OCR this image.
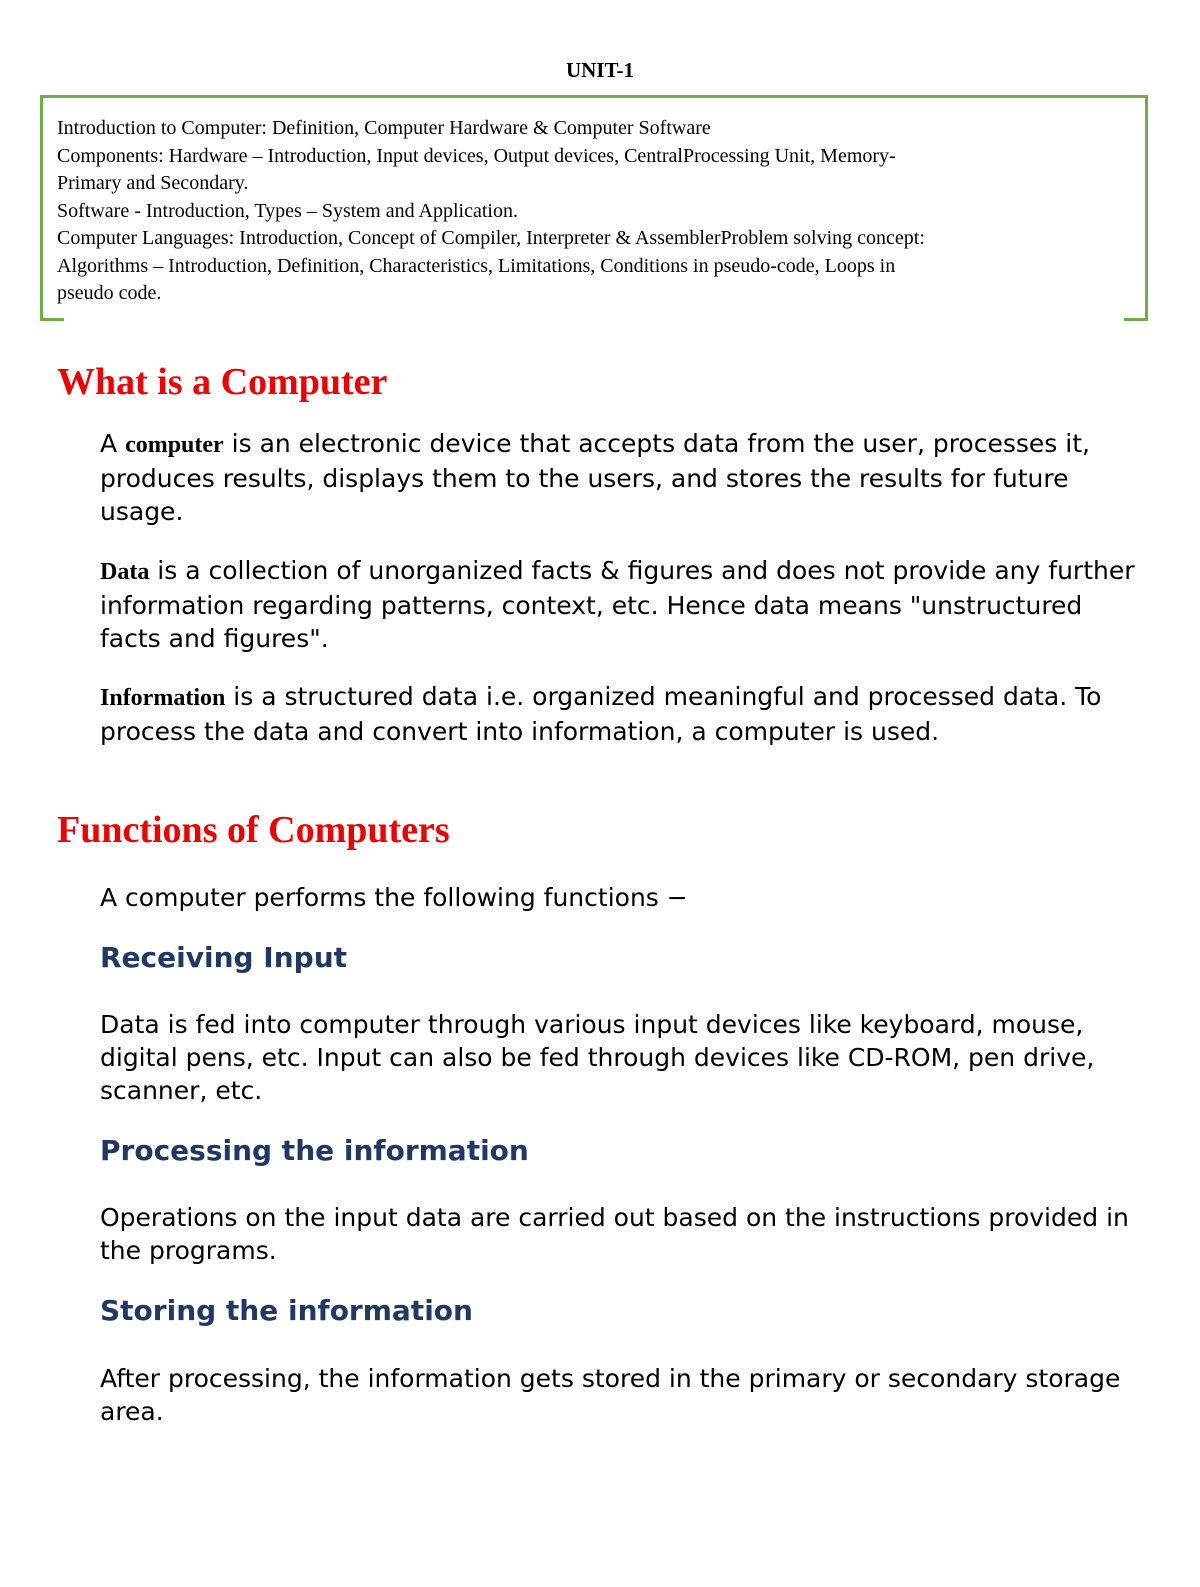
UNIT-1
Introduction to Computer: Definition, Computer Hardware & Computer Software
Components: Hardware – Introduction, Input devices, Output devices, CentralProcessing Unit, Memory-
Primary and Secondary.
Software - Introduction, Types – System and Application.
Computer Languages: Introduction, Concept of Compiler, Interpreter & AssemblerProblem solving concept:
Algorithms – Introduction, Definition, Characteristics, Limitations, Conditions in pseudo-code, Loops in
pseudo code.
What is a Computer

A computer is an electronic device that accepts data from the user, processes it, produces results, displays them to the users, and stores the results for future usage.

Data is a collection of unorganized facts & figures and does not provide any further information regarding patterns, context, etc. Hence data means "unstructured facts and figures".

Information is a structured data i.e. organized meaningful and processed data. To process the data and convert into information, a computer is used.

Functions of Computers

A computer performs the following functions −

Receiving Input

Data is fed into computer through various input devices like keyboard, mouse, digital pens, etc. Input can also be fed through devices like CD-ROM, pen drive, scanner, etc.

Processing the information

Operations on the input data are carried out based on the instructions provided in the programs.

Storing the information

After processing, the information gets stored in the primary or secondary storage area.
